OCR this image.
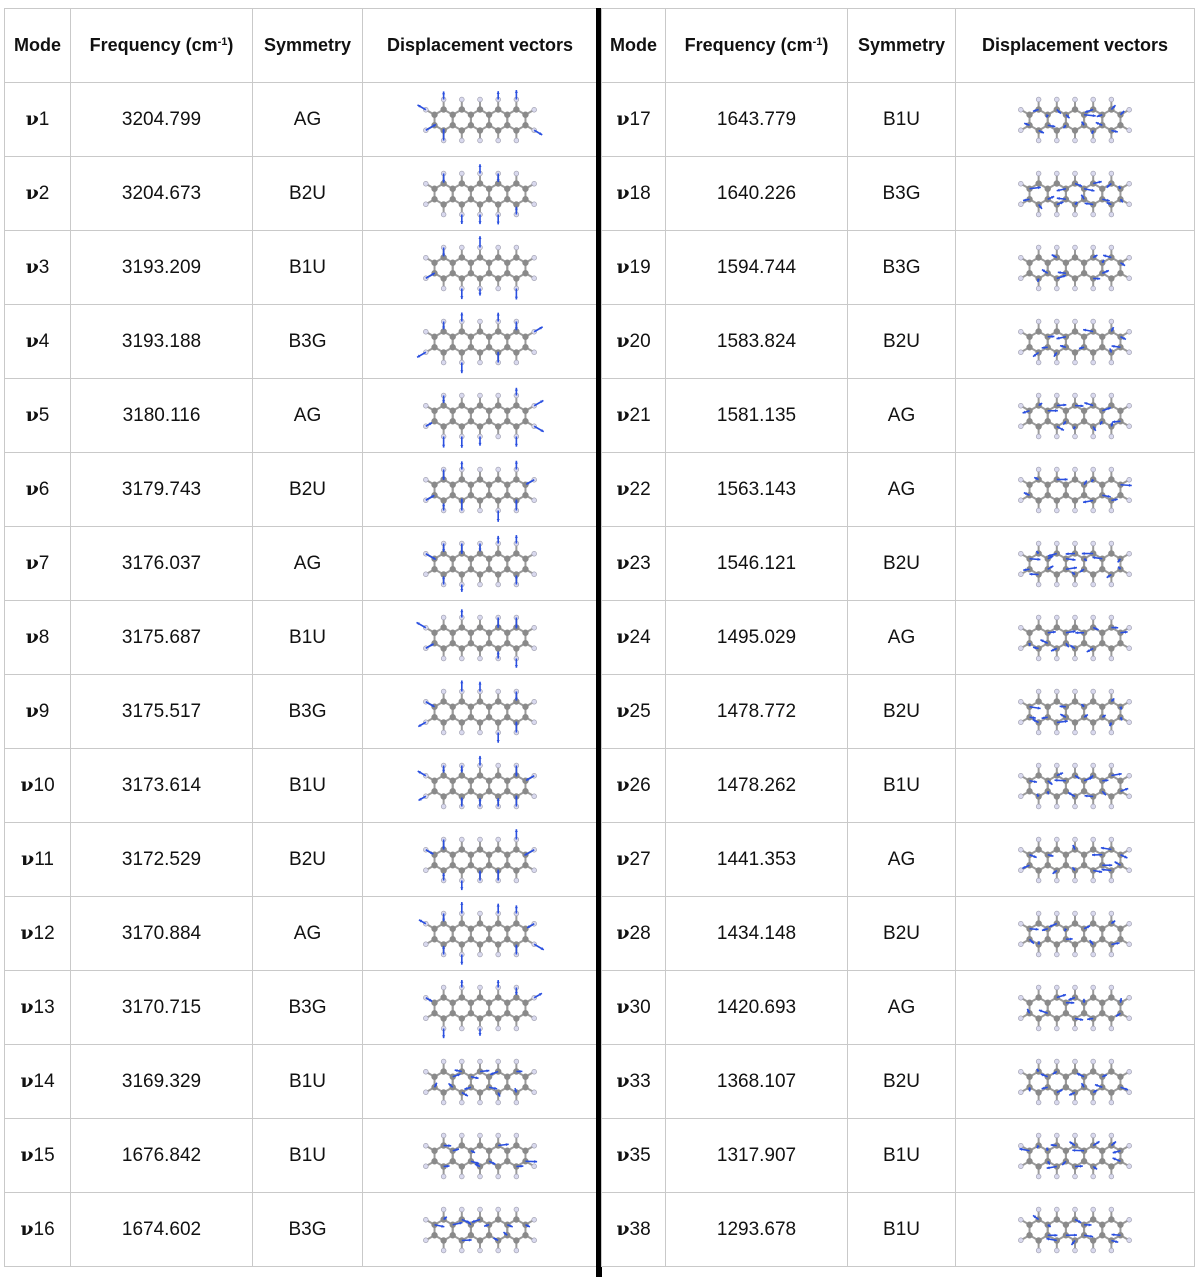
Mode	Frequency $(cm^{-1})$	Symmetry	Displacement vectors
ν1	3204.799	AG	

ν2	3204.673	B2U	

ν3	3193.209	B1U	

ν4	3193.188	B3G	

ν5	3180.116	AG	

ν6	3179.743	B2U	

ν7	3176.037	AG	

ν8	3175.687	B1U	

ν9	3175.517	B3G	

ν10	3173.614	B1U	

ν11	3172.529	B2U	

ν12	3170.884	AG	

ν13	3170.715	B3G	

ν14	3169.329	B1U	

ν15	1676.842	B1U	

ν16	1674.602	B3G	
Mode	Frequency $(cm^{-1})$	Symmetry	Displacement vectors
ν17	1643.779	B1U	

ν18	1640.226	B3G	

ν19	1594.744	B3G	

ν20	1583.824	B2U	

ν21	1581.135	AG	

ν22	1563.143	AG	

ν23	1546.121	B2U	

ν24	1495.029	AG	

ν25	1478.772	B2U	

ν26	1478.262	B1U	

ν27	1441.353	AG	

ν28	1434.148	B2U	

ν30	1420.693	AG	

ν33	1368.107	B2U	

ν35	1317.907	B1U	

ν38	1293.678	B1U	
